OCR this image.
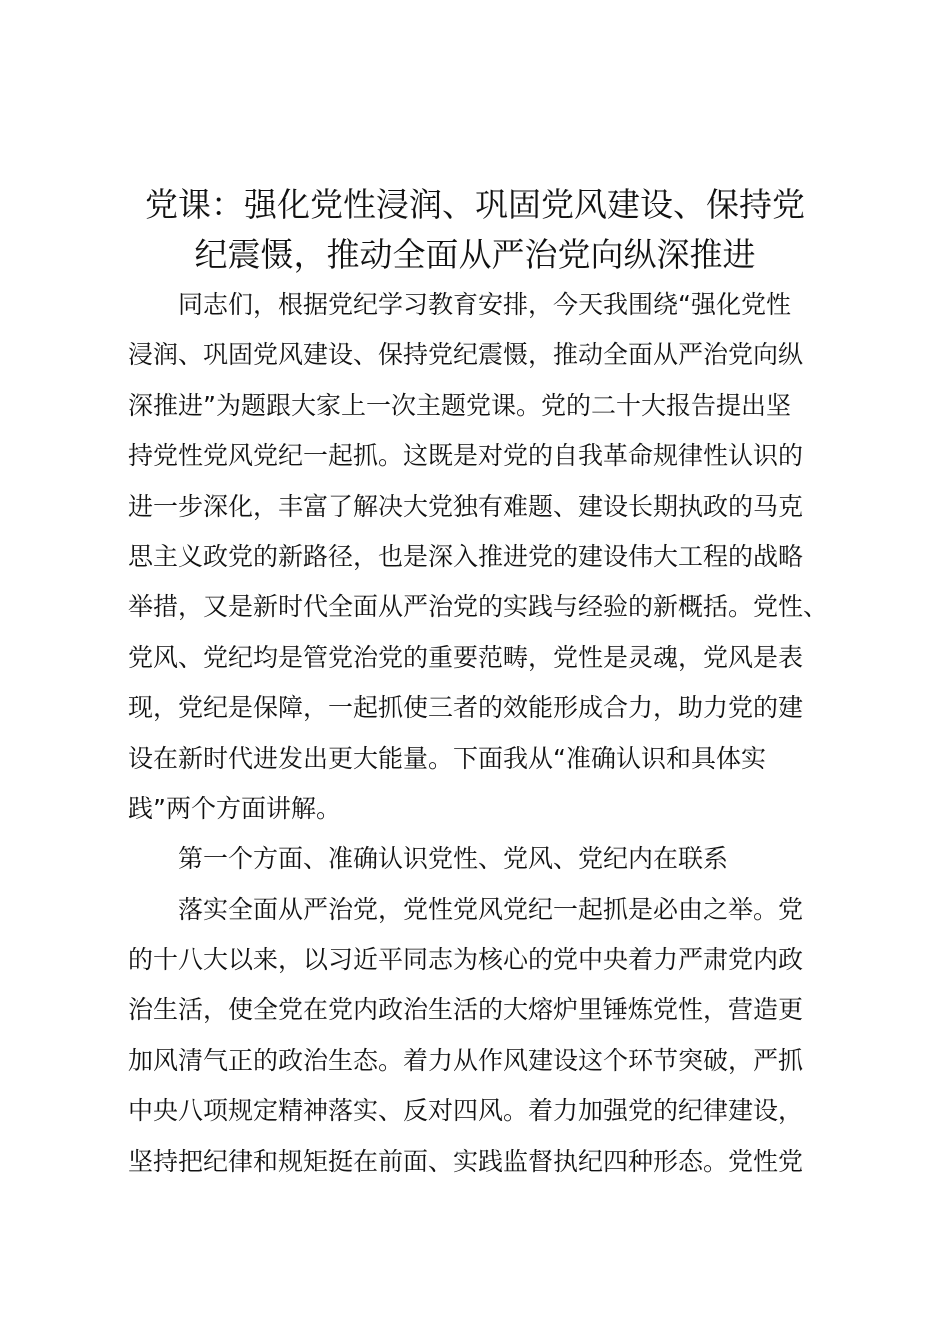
党课：强化党性浸润、巩固党风建设、保持党
纪震慑，推动全面从严治党向纵深推进
同志们，根据党纪学习教育安排，今天我围绕“强化党性
浸润、巩固党风建设、保持党纪震慑，推动全面从严治党向纵
深推进”为题跟大家上一次主题党课。党的二十大报告提出坚
持党性党风党纪一起抓。这既是对党的自我革命规律性认识的
进一步深化，丰富了解决大党独有难题、建设长期执政的马克
思主义政党的新路径，也是深入推进党的建设伟大工程的战略
举措，又是新时代全面从严治党的实践与经验的新概括。党性、
党风、党纪均是管党治党的重要范畴，党性是灵魂，党风是表
现，党纪是保障，一起抓使三者的效能形成合力，助力党的建
设在新时代进发出更大能量。下面我从“准确认识和具体实
践”两个方面讲解。
第一个方面、准确认识党性、党风、党纪内在联系
落实全面从严治党，党性党风党纪一起抓是必由之举。党
的十八大以来，以习近平同志为核心的党中央着力严肃党内政
治生活，使全党在党内政治生活的大熔炉里锤炼党性，营造更
加风清气正的政治生态。着力从作风建设这个环节突破，严抓
中央八项规定精神落实、反对四风。着力加强党的纪律建设，
坚持把纪律和规矩挺在前面、实践监督执纪四种形态。党性党
